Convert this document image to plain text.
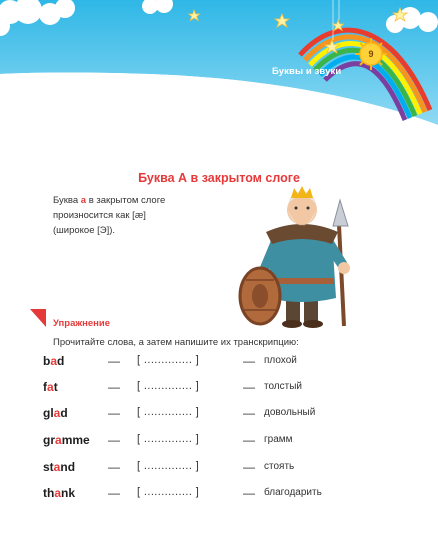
Буквы и звуки
9
Буква А в закрытом слоге
Буква a в закрытом слоге
произносится как [æ]
(широкое [Э]).
Упражнение
Прочитайте слова, а затем напишите их транскрипцию:
bad	— [ .............. ]	— плохой
fat	— [ .............. ]	— толстый
glad	— [ .............. ]	— довольный
gramme — [ .............. ]	— грамм
stand	— [ .............. ]	— стоять
thank	— [ .............. ]	— благодарить
